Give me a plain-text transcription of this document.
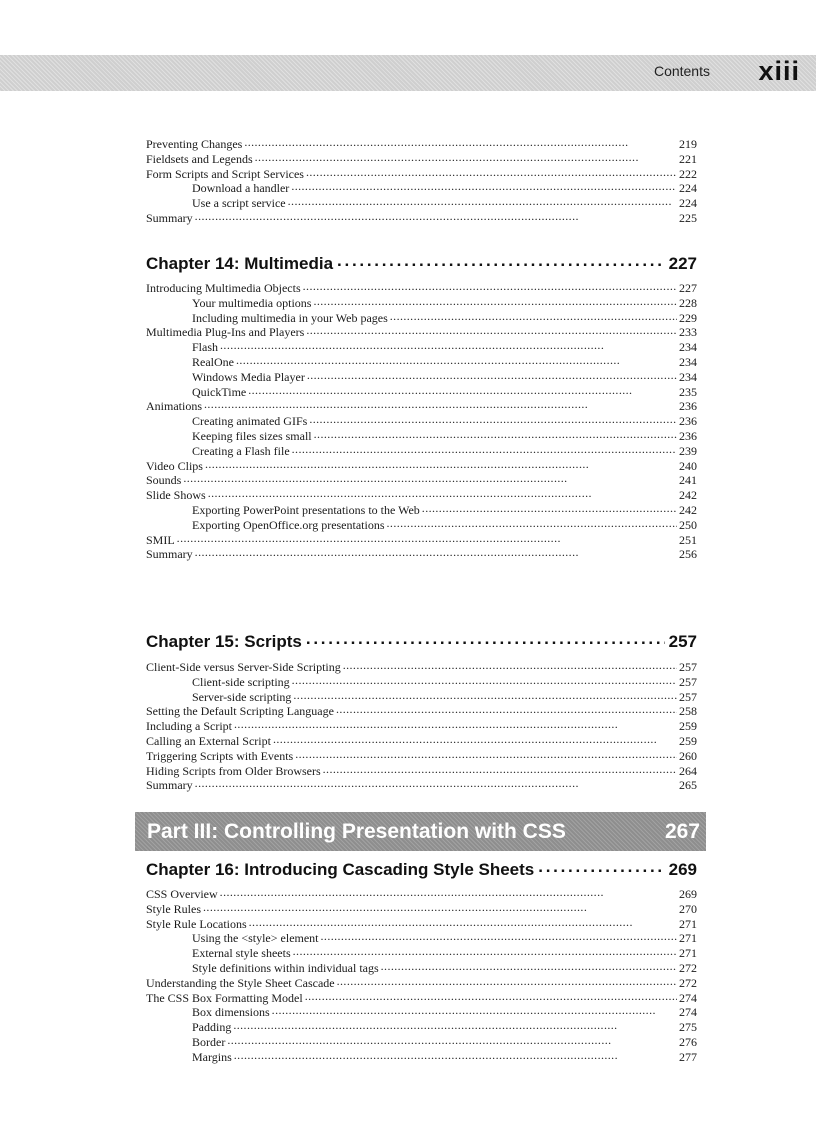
Contents xiii
Preventing Changes . . .	219
Fieldsets and Legends . . .	221
Form Scripts and Script Services . . .	222
Download a handler . . .	224
Use a script service . . .	224
Summary . . .	225
Chapter 14: Multimedia . . .	227
Introducing Multimedia Objects . . .	227
Your multimedia options . . .	228
Including multimedia in your Web pages . . .	229
Multimedia Plug-Ins and Players . . .	233
Flash . . .	234
RealOne . . .	234
Windows Media Player . . .	234
QuickTime . . .	235
Animations . . .	236
Creating animated GIFs . . .	236
Keeping files sizes small . . .	236
Creating a Flash file . . .	239
Video Clips . . .	240
Sounds . . .	241
Slide Shows . . .	242
Exporting PowerPoint presentations to the Web . . .	242
Exporting OpenOffice.org presentations . . .	250
SMIL . . .	251
Summary . . .	256
Chapter 15: Scripts . . .	257
Client-Side versus Server-Side Scripting . . .	257
Client-side scripting . . .	257
Server-side scripting . . .	257
Setting the Default Scripting Language . . .	258
Including a Script . . .	259
Calling an External Script . . .	259
Triggering Scripts with Events . . .	260
Hiding Scripts from Older Browsers . . .	264
Summary . . .	265
Part III: Controlling Presentation with CSS	267
Chapter 16: Introducing Cascading Style Sheets . . .	269
CSS Overview . . .	269
Style Rules . . .	270
Style Rule Locations . . .	271
Using the <style> element . . .	271
External style sheets . . .	271
Style definitions within individual tags . . .	272
Understanding the Style Sheet Cascade . . .	272
The CSS Box Formatting Model . . .	274
Box dimensions . . .	274
Padding . . .	275
Border . . .	276
Margins . . .	277
